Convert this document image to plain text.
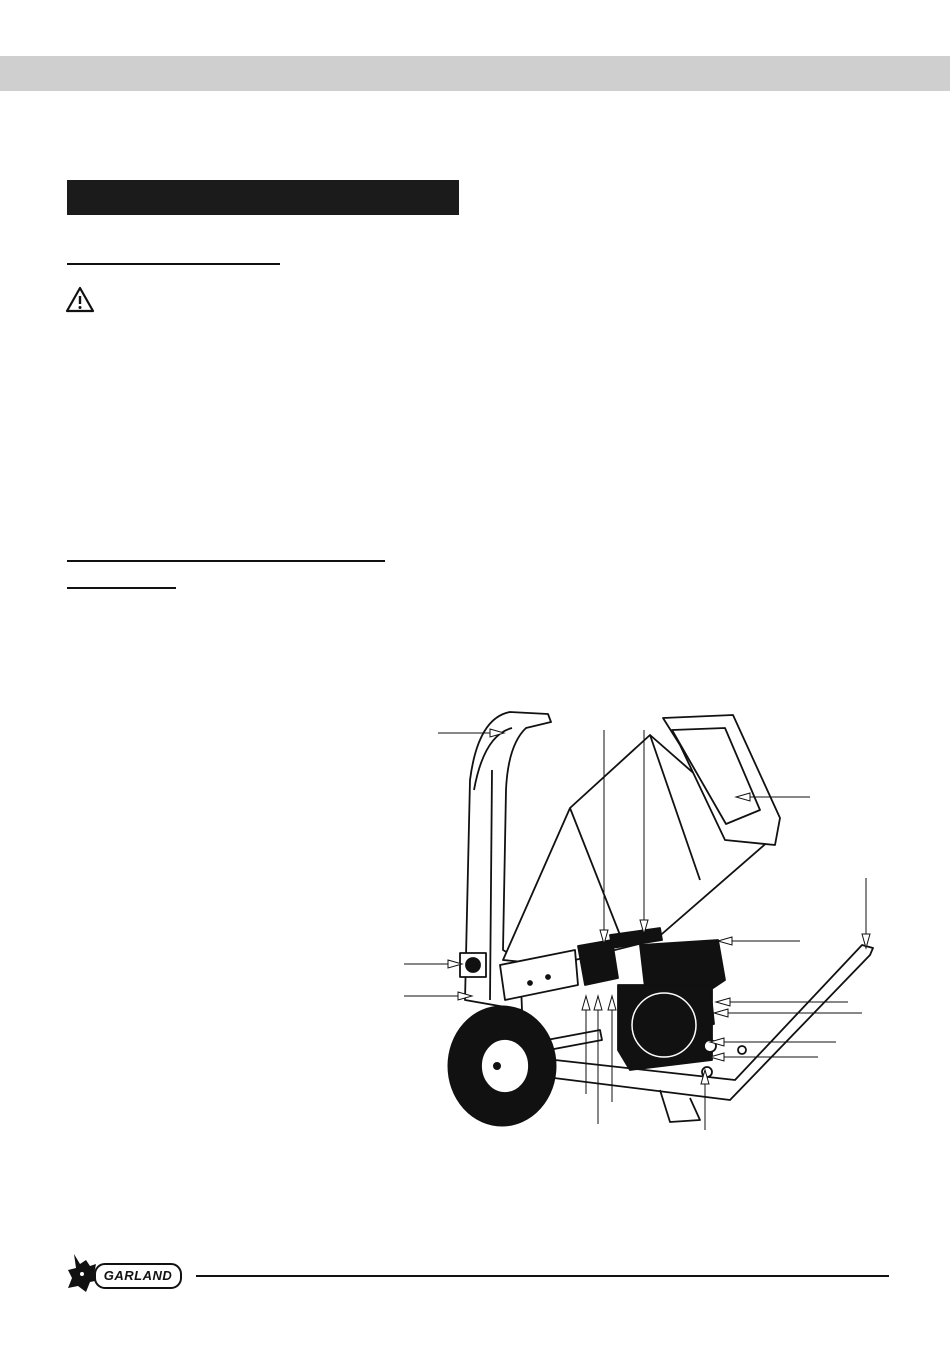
GARLAND
